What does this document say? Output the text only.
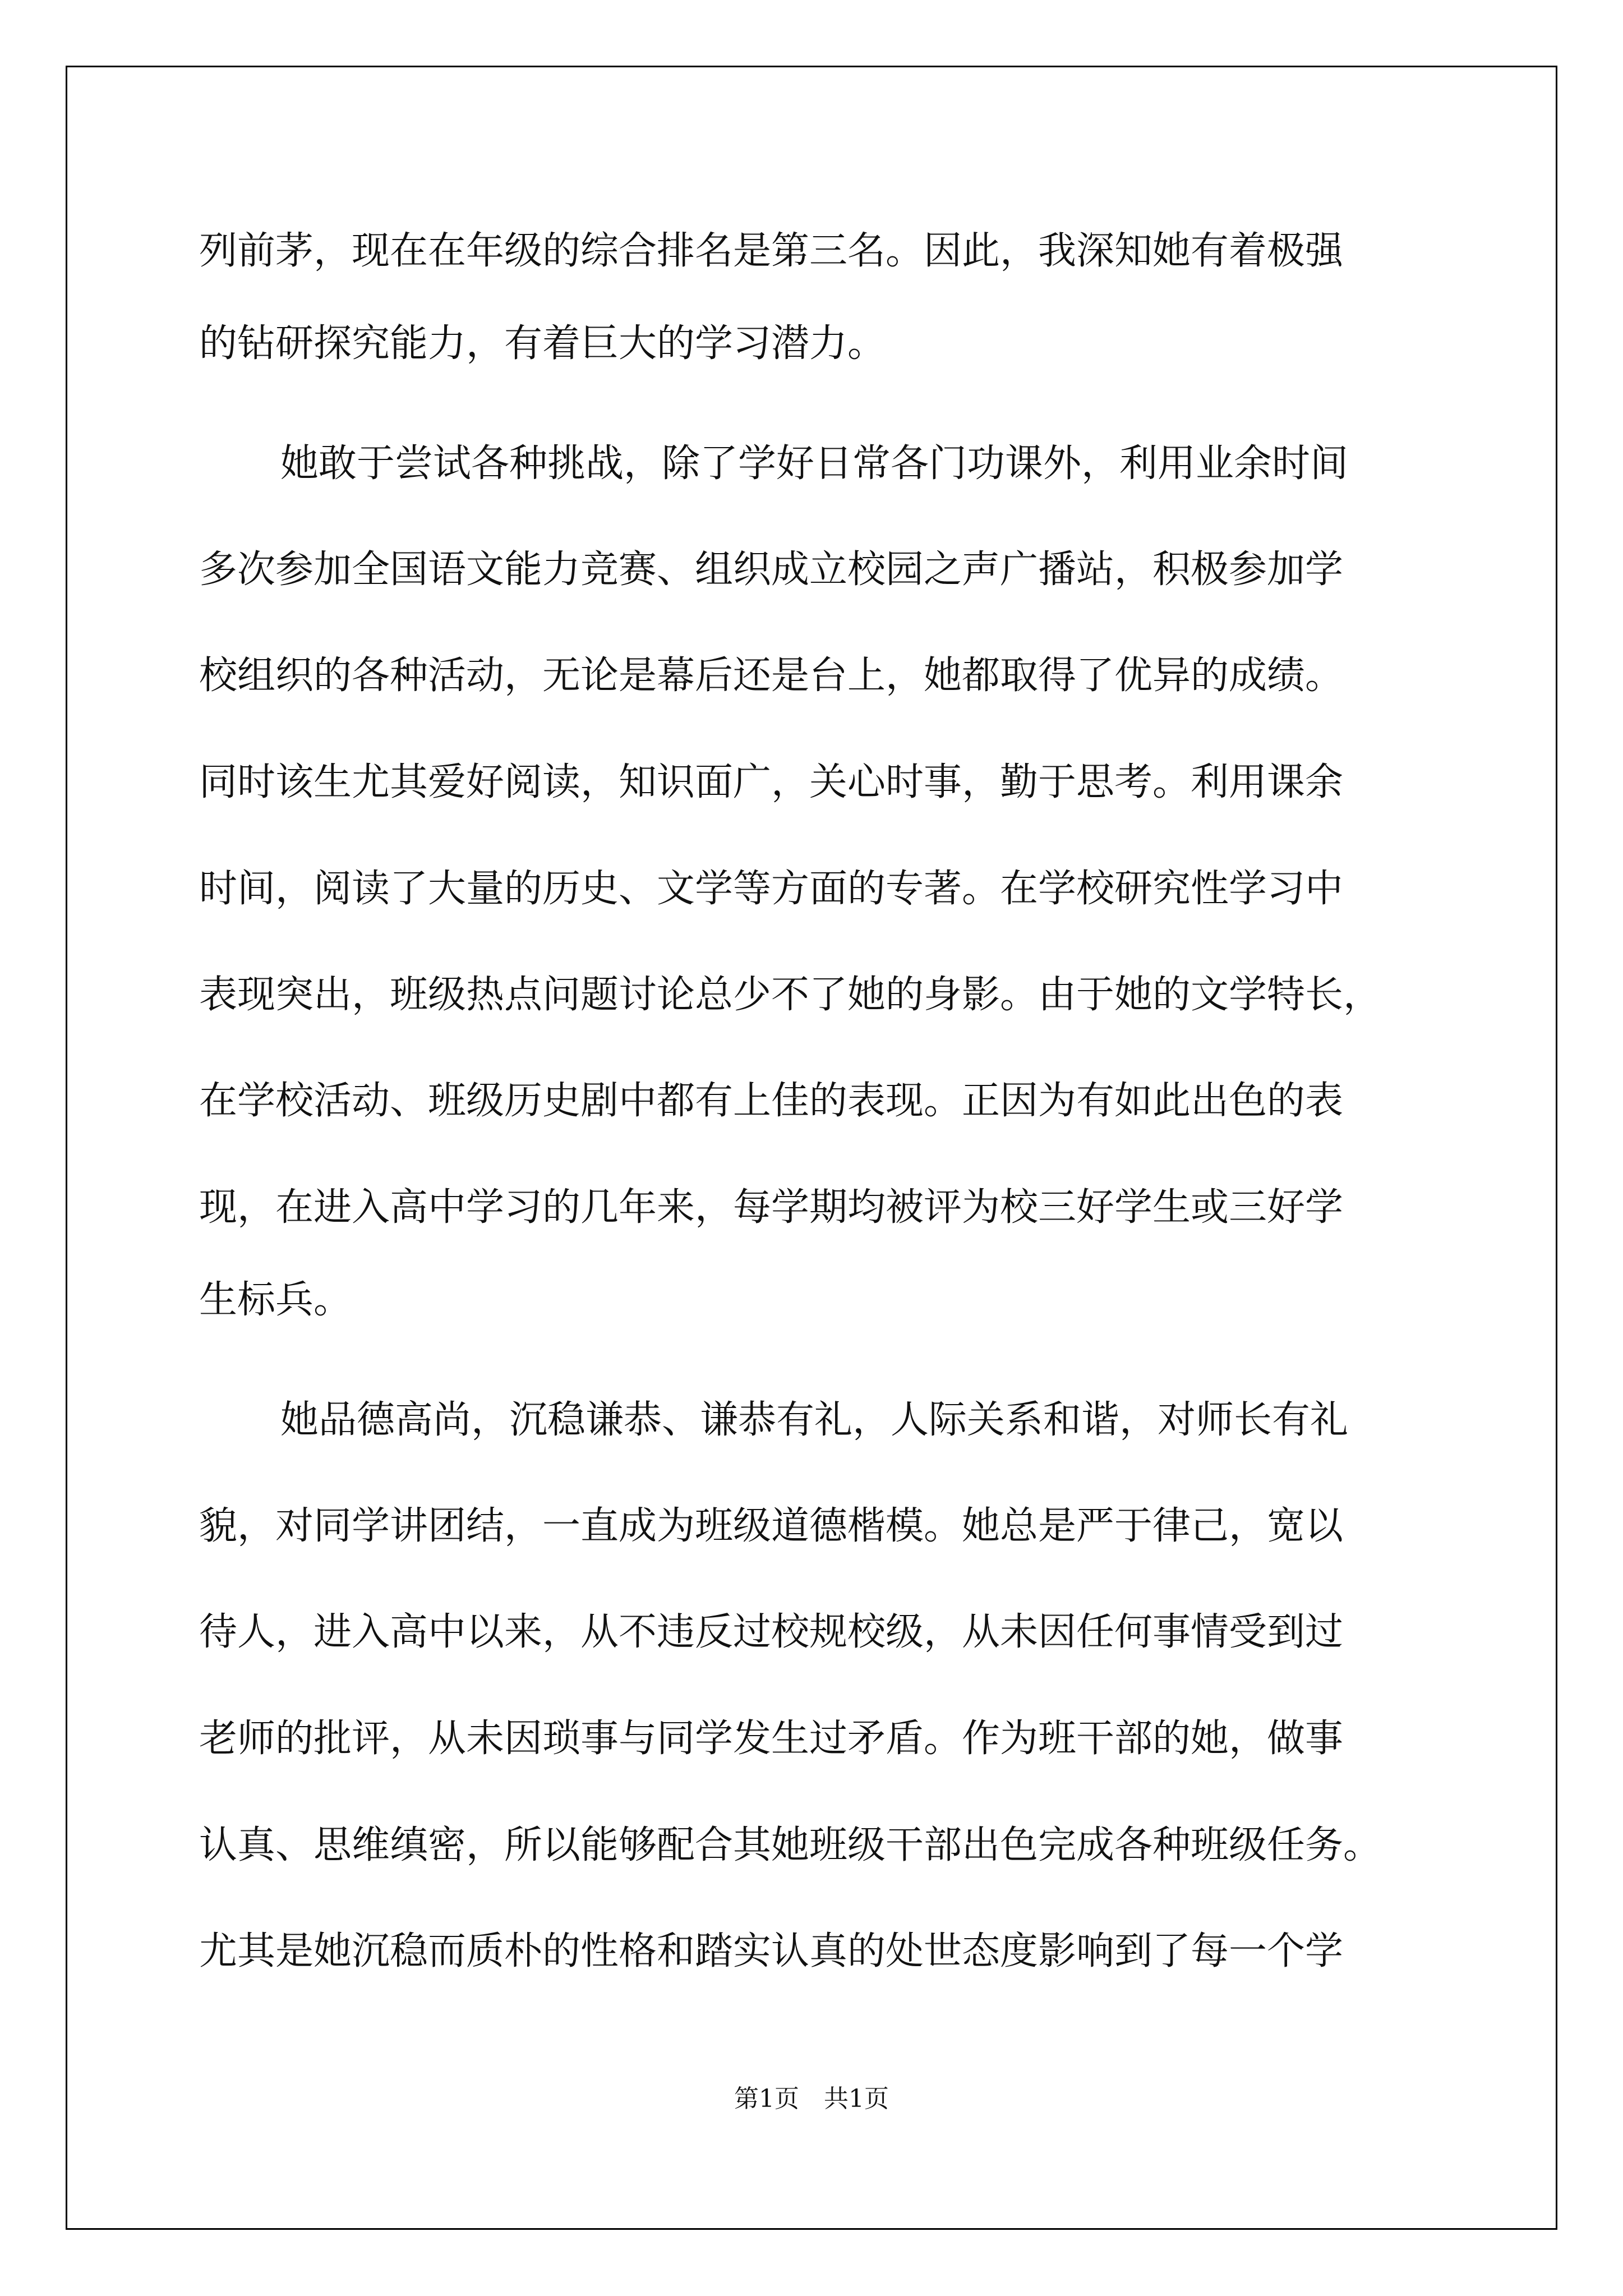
列前茅，现在在年级的综合排名是第三名。因此，我深知她有着极强

的钻研探究能力，有着巨大的学习潜力。

她敢于尝试各种挑战，除了学好日常各门功课外，利用业余时间

多次参加全国语文能力竞赛、组织成立校园之声广播站，积极参加学

校组织的各种活动，无论是幕后还是台上，她都取得了优异的成绩。

同时该生尤其爱好阅读，知识面广，关心时事，勤于思考。利用课余

时间，阅读了大量的历史、文学等方面的专著。在学校研究性学习中

表现突出，班级热点问题讨论总少不了她的身影。由于她的文学特长，

在学校活动、班级历史剧中都有上佳的表现。正因为有如此出色的表

现，在进入高中学习的几年来，每学期均被评为校三好学生或三好学

生标兵。

她品德高尚，沉稳谦恭、谦恭有礼，人际关系和谐，对师长有礼

貌，对同学讲团结，一直成为班级道德楷模。她总是严于律己，宽以

待人，进入高中以来，从不违反过校规校级，从未因任何事情受到过

老师的批评，从未因琐事与同学发生过矛盾。作为班干部的她，做事

认真、思维缜密，所以能够配合其她班级干部出色完成各种班级任务。

尤其是她沉稳而质朴的性格和踏实认真的处世态度影响到了每一个学

第1页　共1页
